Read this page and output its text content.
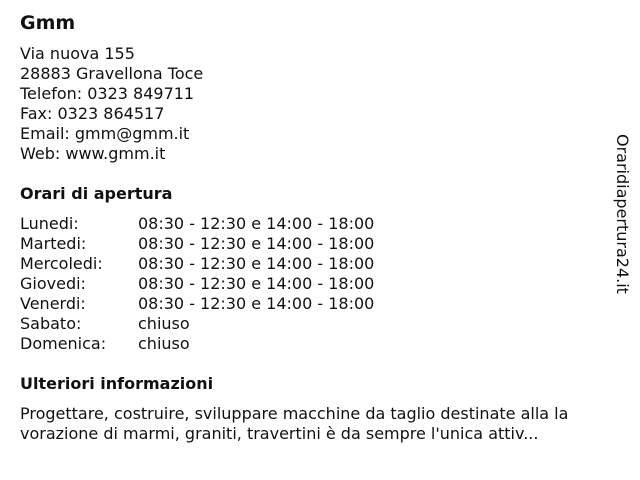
Gmm
Via nuova 155
28883 Gravellona Toce
Telefon: 0323 849711
Fax: 0323 864517
Email: gmm@gmm.it
Web: www.gmm.it
Orari di apertura
Lunedi:	08:30 - 12:30 e 14:00 - 18:00
Martedi:	08:30 - 12:30 e 14:00 - 18:00
Mercoledi:	08:30 - 12:30 e 14:00 - 18:00
Giovedi:	08:30 - 12:30 e 14:00 - 18:00
Venerdi:	08:30 - 12:30 e 14:00 - 18:00
Sabato:	chiuso
Domenica:	chiuso
Ulteriori informazioni
Progettare, costruire, sviluppare macchine da taglio destinate alla la
vorazione di marmi, graniti, travertini è da sempre l'unica attiv...
Oraridiapertura24.it
